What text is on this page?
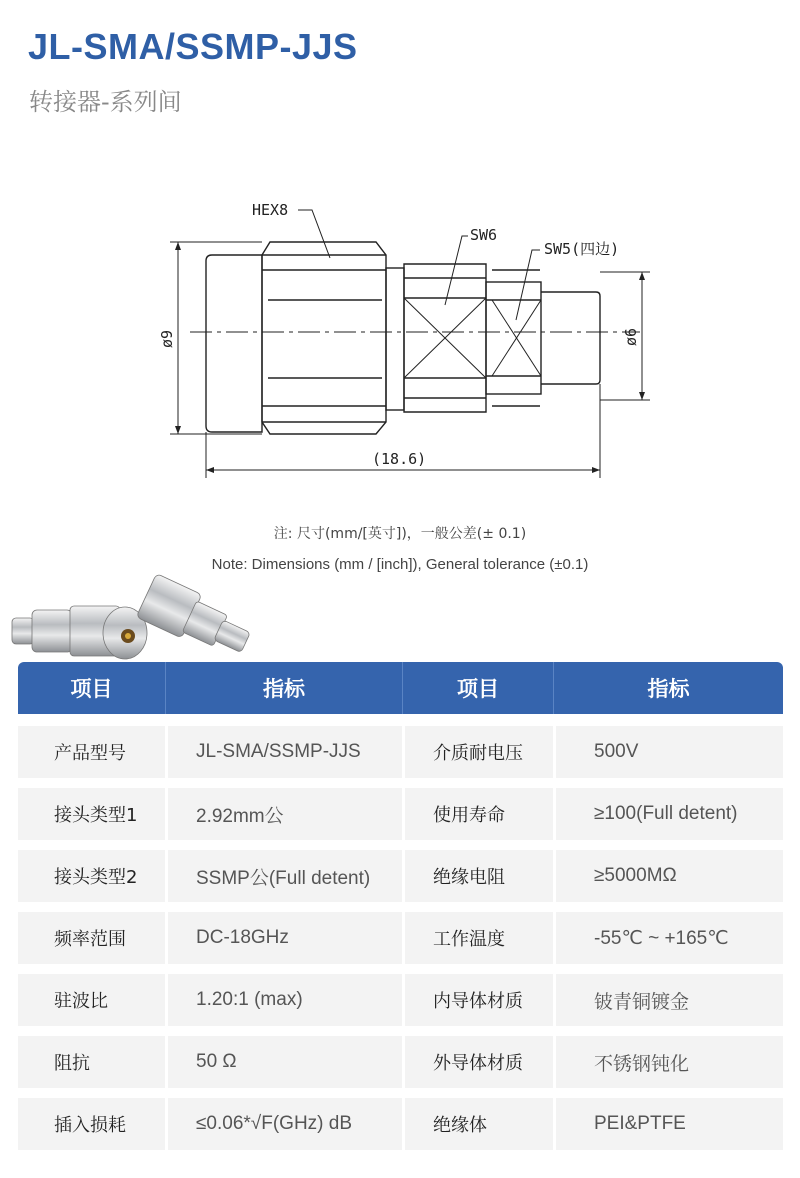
JL-SMA/SSMP-JJS
转接器-系列间
HEX8
SW6
SW5(四边)
(18.6)
ø9	ø6
注: 尺寸(mm/[英寸])，一般公差(± 0.1)
Note: Dimensions (mm / [inch]), General tolerance (±0.1)
项目	指标	项目	指标
产品型号	JL-SMA/SSMP-JJS	介质耐电压	500V
接头类型1	2.92mm公	使用寿命	≥100(Full detent)
接头类型2	SSMP公(Full detent)	绝缘电阻	≥5000MΩ
频率范围	DC-18GHz	工作温度	-55℃ ~ +165℃
驻波比	1.20:1 (max)	内导体材质	铍青铜镀金
阻抗	50 Ω	外导体材质	不锈钢钝化
插入损耗	≤0.06*√F(GHz) dB	绝缘体	PEI&PTFE
